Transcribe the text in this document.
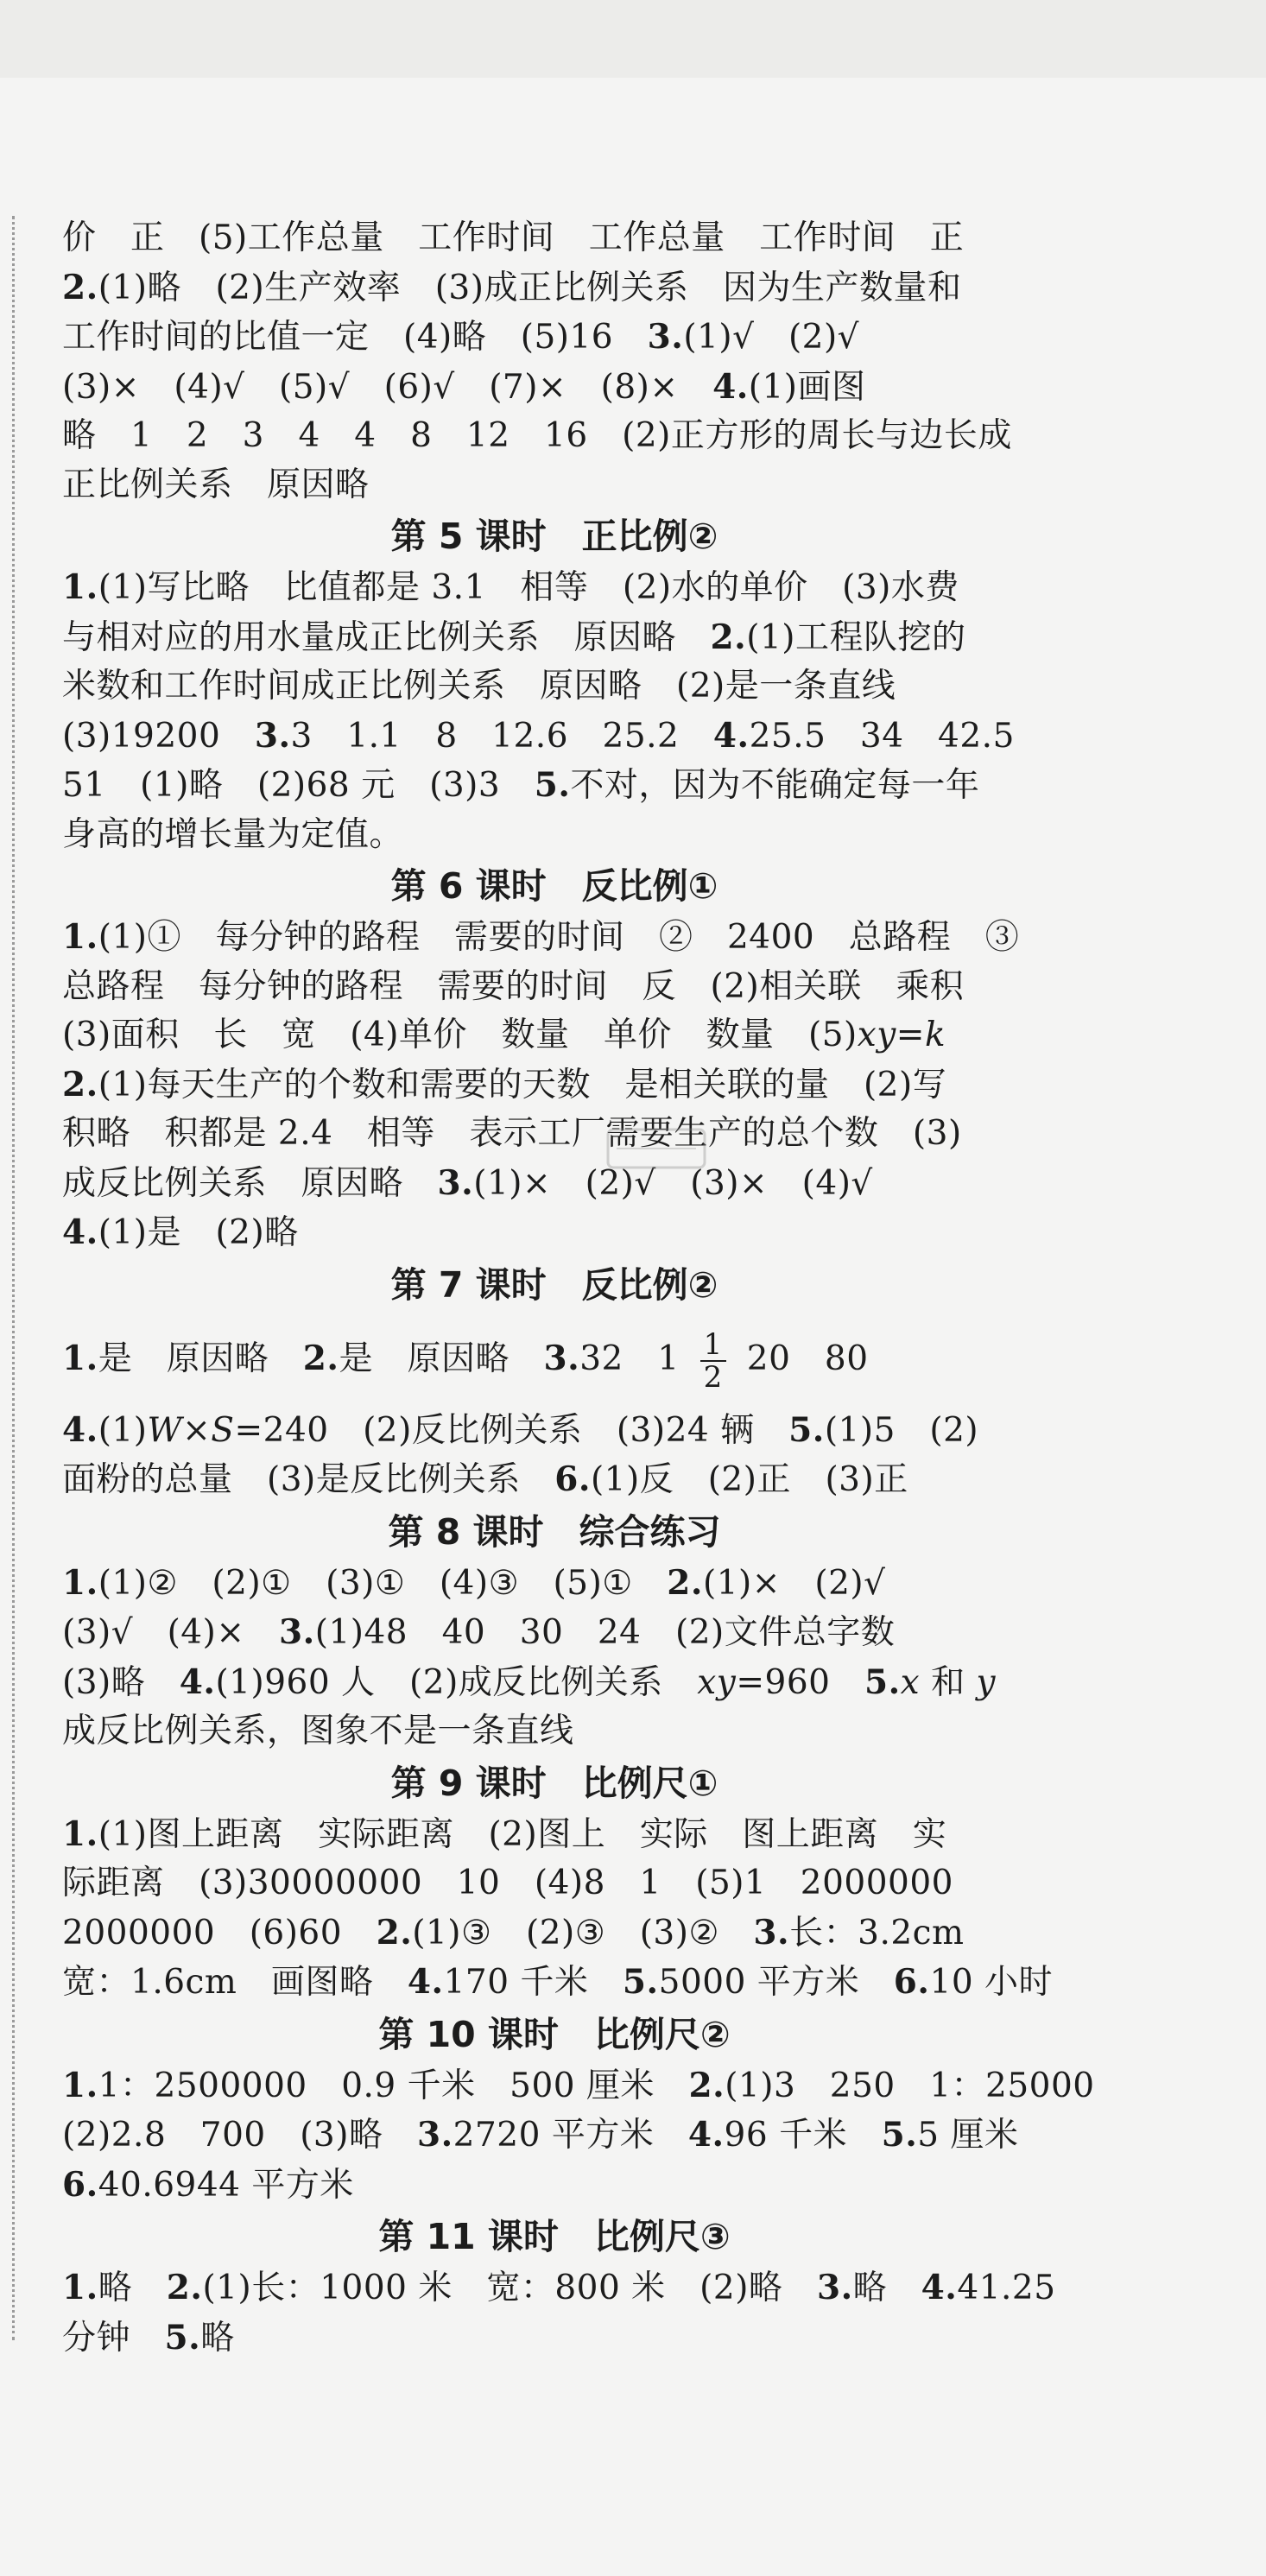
价　正　(5)工作总量　工作时间　工作总量　工作时间　正
2.(1)略　(2)生产效率　(3)成正比例关系　因为生产数量和
工作时间的比值一定　(4)略　(5)16　3.(1)√　(2)√
(3)×　(4)√　(5)√　(6)√　(7)×　(8)×　4.(1)画图
略　1　2　3　4　4　8　12　16　(2)正方形的周长与边长成
正比例关系　原因略
第 5 课时　正比例②
1.(1)写比略　比值都是 3.1　相等　(2)水的单价　(3)水费
与相对应的用水量成正比例关系　原因略　2.(1)工程队挖的
米数和工作时间成正比例关系　原因略　(2)是一条直线
(3)19200　3.3　1.1　8　12.6　25.2　4.25.5　34　42.5
51　(1)略　(2)68 元　(3)3　5.不对，因为不能确定每一年
身高的增长量为定值。
第 6 课时　反比例①
1.(1)①　每分钟的路程　需要的时间　②　2400　总路程　③
总路程　每分钟的路程　需要的时间　反　(2)相关联　乘积
(3)面积　长　宽　(4)单价　数量　单价　数量　(5)xy=k
2.(1)每天生产的个数和需要的天数　是相关联的量　(2)写
积略　积都是 2.4　相等　表示工厂需要生产的总个数　(3)
成反比例关系　原因略　3.(1)×　(2)√　(3)×　(4)√
4.(1)是　(2)略
第 7 课时　反比例②
1.是　原因略　2.是　原因略　3.32　$1 \frac{1}{2} 20$　80
4.(1)W×S=240　(2)反比例关系　(3)24 辆　5.(1)5　(2)
面粉的总量　(3)是反比例关系　6.(1)反　(2)正　(3)正
第 8 课时　综合练习
1.(1)②　(2)①　(3)①　(4)③　(5)①　2.(1)×　(2)√
(3)√　(4)×　3.(1)48　40　30　24　(2)文件总字数
(3)略　4.(1)960 人　(2)成反比例关系　xy=960　5.x 和 y
成反比例关系，图象不是一条直线
第 9 课时　比例尺①
1.(1)图上距离　实际距离　(2)图上　实际　图上距离　实
际距离　(3)30000000　10　(4)8　1　(5)1　2000000
2000000　(6)60　2.(1)③　(2)③　(3)②　3.长：3.2cm
宽：1.6cm　画图略　4.170 千米　5.5000 平方米　6.10 小时
第 10 课时　比例尺②
1.1：2500000　0.9 千米　500 厘米　2.(1)3　250　1：25000
(2)2.8　700　(3)略　3.2720 平方米　4.96 千米　5.5 厘米
6.40.6944 平方米
第 11 课时　比例尺③
1.略　2.(1)长：1000 米　宽：800 米　(2)略　3.略　4.41.25
分钟　5.略
